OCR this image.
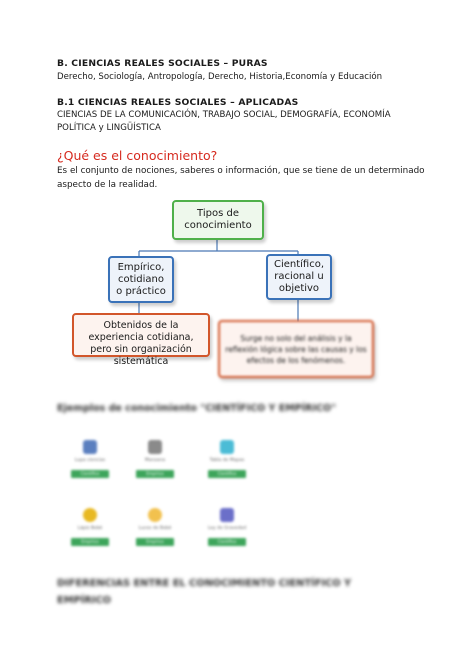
B. CIENCIAS REALES SOCIALES – PURAS
Derecho, Sociología, Antropología, Derecho, Historia,Economía y Educación
B.1 CIENCIAS REALES SOCIALES – APLICADAS
CIENCIAS DE LA COMUNICACIÓN, TRABAJO SOCIAL, DEMOGRAFÍA, ECONOMÍA
POLÍTICA y LINGÜÍSTICA
¿Qué es el conocimiento?
Es el conjunto de nociones, saberes o información, que se tiene de un determinado
aspecto de la realidad.
Tipos de conocimiento
Empírico, cotidiano o práctico
Científico, racional u objetivo
Obtenidos de la experiencia cotidiana, pero sin organización sistemática
Surge no solo del análisis y la reflexión lógica sobre las causas y los efectos de los fenómenos.
Ejemplos de conocimiento "CIENTÍFICO Y EMPÍRICO"
Lupa ciencias
Científico
Manzana
Empírico
Tabla de Mapas
Científico
Lápiz Bebé
Empírico
Luces de Bebé
Empírico
Ley de Gravedad
Científico
DIFERENCIAS ENTRE EL CONOCIMIENTO CIENTÍFICO Y
EMPÍRICO
